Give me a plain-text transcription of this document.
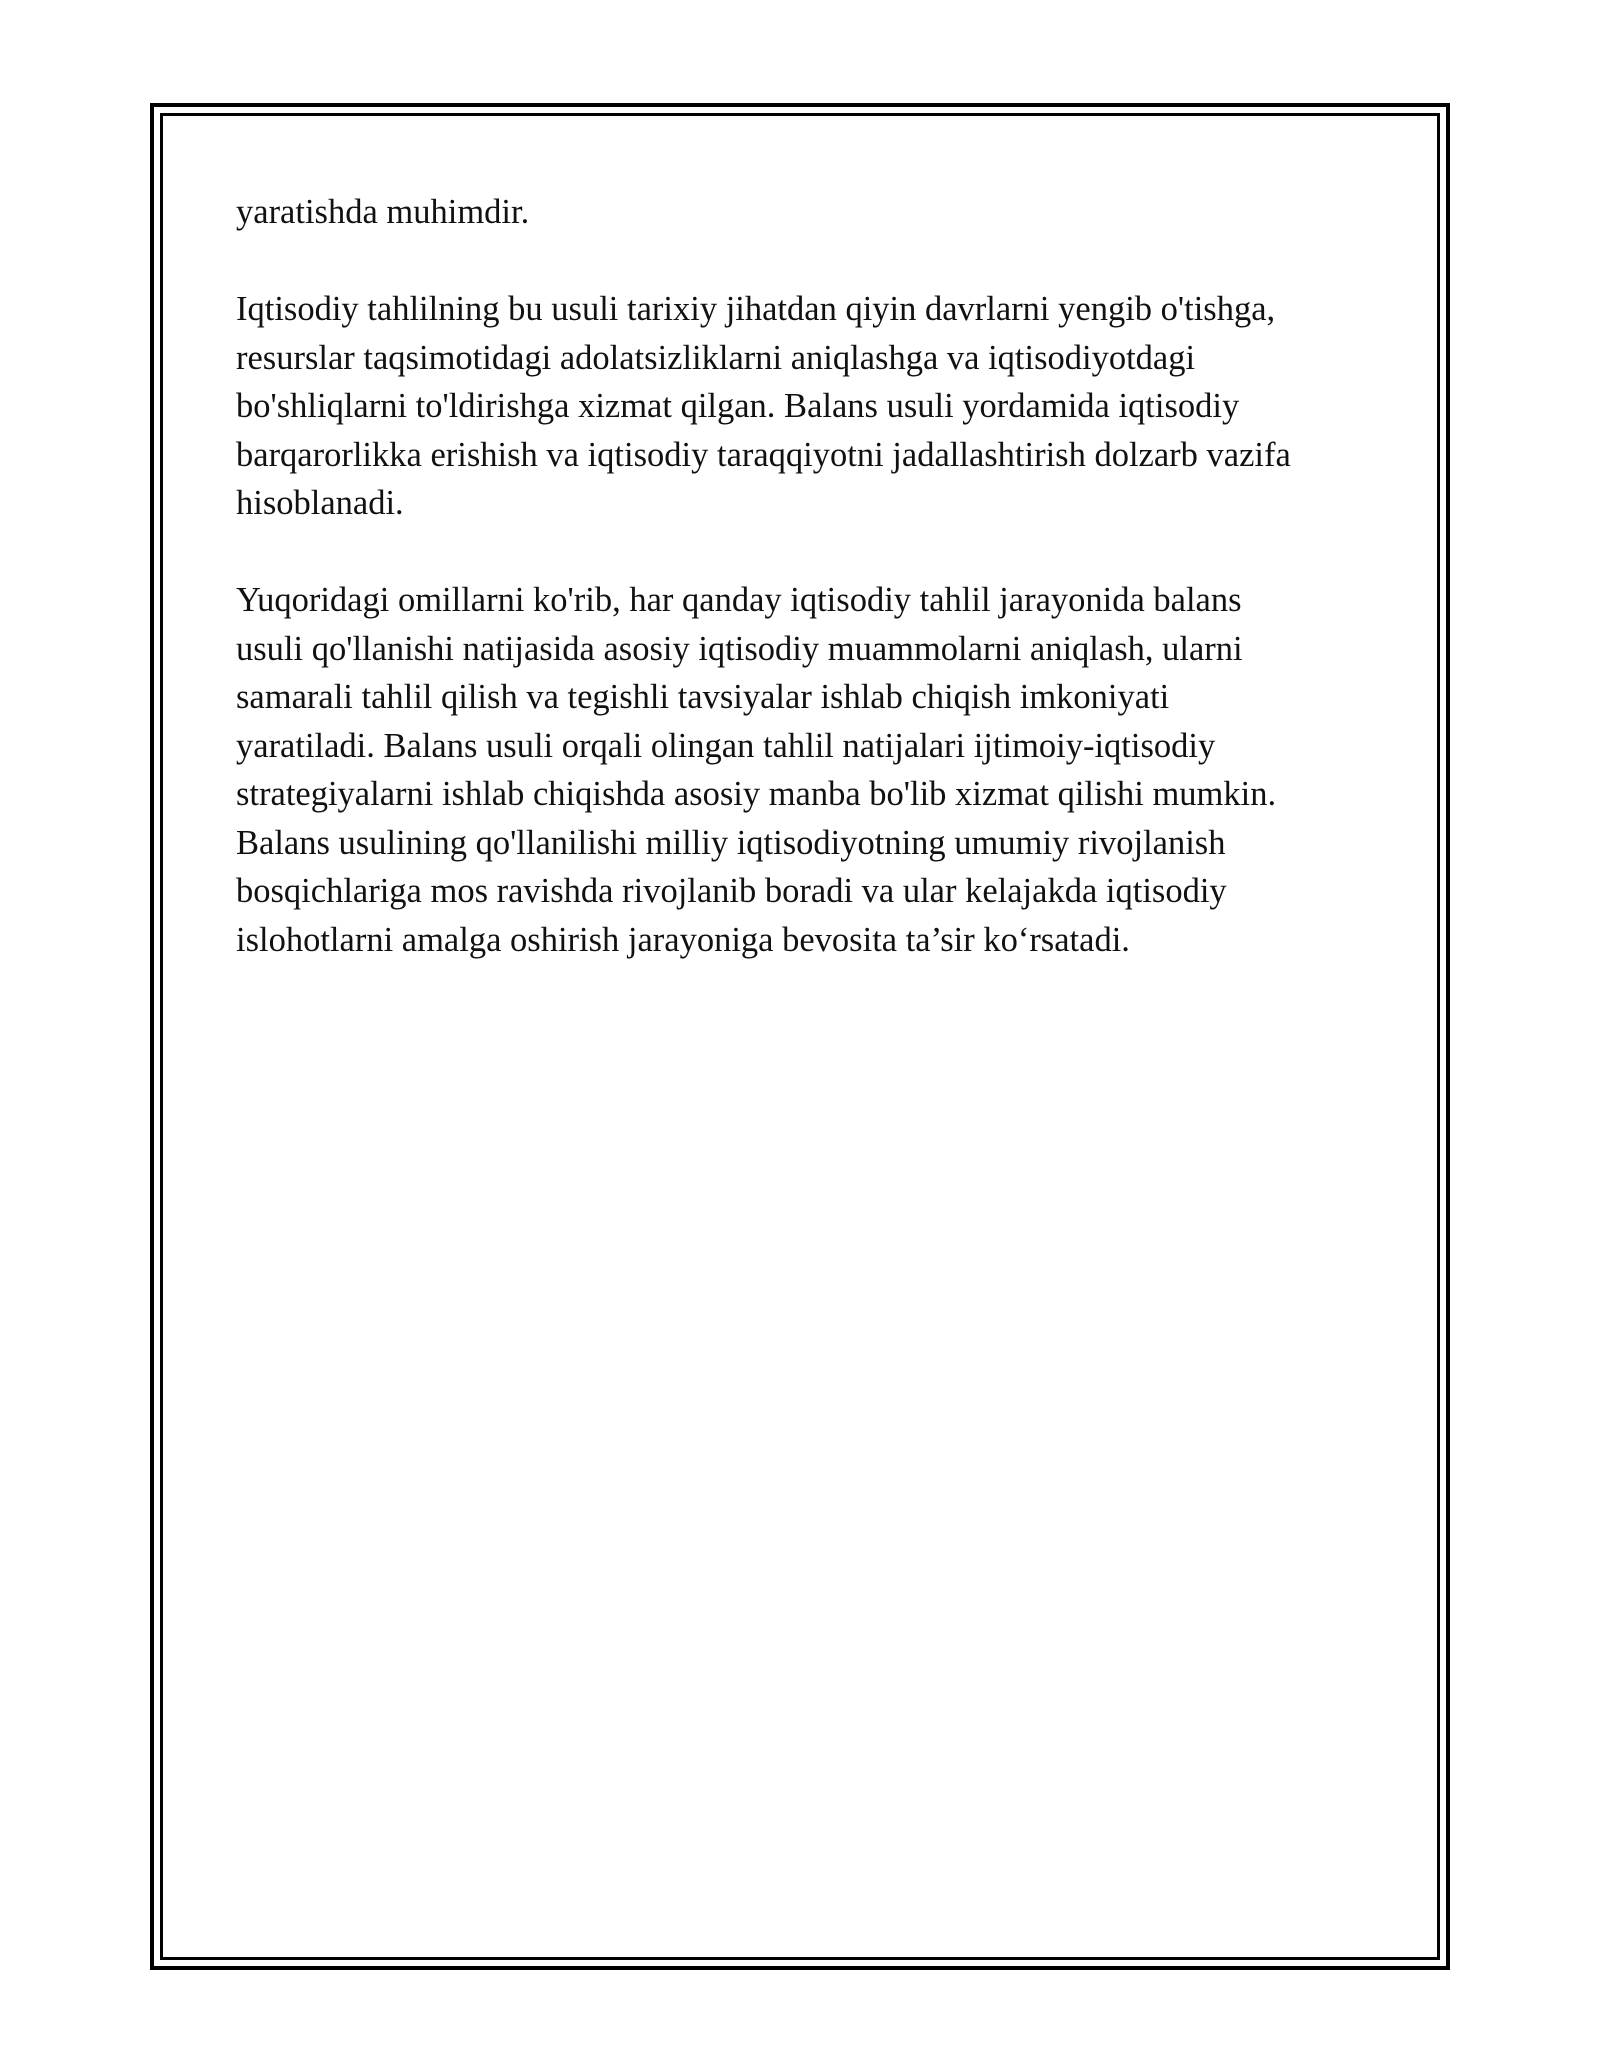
yaratishda muhimdir.

Iqtisodiy tahlilning bu usuli tarixiy jihatdan qiyin davrlarni yengib o'tishga,
resurslar taqsimotidagi adolatsizliklarni aniqlashga va iqtisodiyotdagi
bo'shliqlarni to'ldirishga xizmat qilgan. Balans usuli yordamida iqtisodiy
barqarorlikka erishish va iqtisodiy taraqqiyotni jadallashtirish dolzarb vazifa
hisoblanadi.

Yuqoridagi omillarni ko'rib, har qanday iqtisodiy tahlil jarayonida balans
usuli qo'llanishi natijasida asosiy iqtisodiy muammolarni aniqlash, ularni
samarali tahlil qilish va tegishli tavsiyalar ishlab chiqish imkoniyati
yaratiladi. Balans usuli orqali olingan tahlil natijalari ijtimoiy-iqtisodiy
strategiyalarni ishlab chiqishda asosiy manba bo'lib xizmat qilishi mumkin.
Balans usulining qo'llanilishi milliy iqtisodiyotning umumiy rivojlanish
bosqichlariga mos ravishda rivojlanib boradi va ular kelajakda iqtisodiy
islohotlarni amalga oshirish jarayoniga bevosita ta’sir ko‘rsatadi.
